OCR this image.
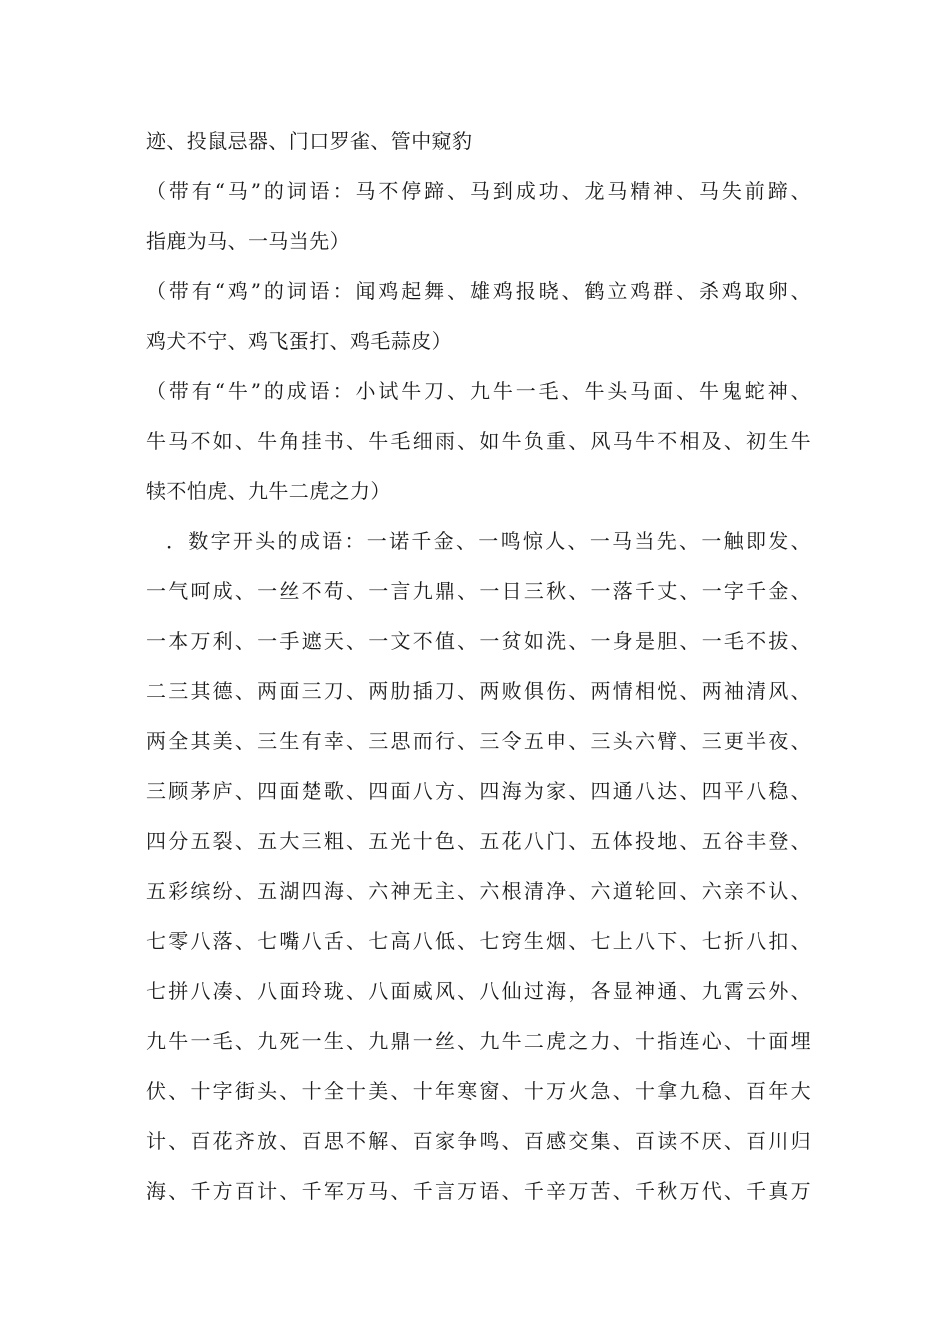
迹、投鼠忌器、门口罗雀、管中窥豹

（带有“马”的词语：马不停蹄、马到成功、龙马精神、马失前蹄、

指鹿为马、一马当先）

（带有“鸡”的词语：闻鸡起舞、雄鸡报晓、鹤立鸡群、杀鸡取卵、

鸡犬不宁、鸡飞蛋打、鸡毛蒜皮）

（带有“牛”的成语：小试牛刀、九牛一毛、牛头马面、牛鬼蛇神、

牛马不如、牛角挂书、牛毛细雨、如牛负重、风马牛不相及、初生牛

犊不怕虎、九牛二虎之力）

．数字开头的成语：一诺千金、一鸣惊人、一马当先、一触即发、

一气呵成、一丝不苟、一言九鼎、一日三秋、一落千丈、一字千金、

一本万利、一手遮天、一文不值、一贫如洗、一身是胆、一毛不拔、

二三其德、两面三刀、两肋插刀、两败俱伤、两情相悦、两袖清风、

两全其美、三生有幸、三思而行、三令五申、三头六臂、三更半夜、

三顾茅庐、四面楚歌、四面八方、四海为家、四通八达、四平八稳、

四分五裂、五大三粗、五光十色、五花八门、五体投地、五谷丰登、

五彩缤纷、五湖四海、六神无主、六根清净、六道轮回、六亲不认、

七零八落、七嘴八舌、七高八低、七窍生烟、七上八下、七折八扣、

七拼八凑、八面玲珑、八面威风、八仙过海，各显神通、九霄云外、

九牛一毛、九死一生、九鼎一丝、九牛二虎之力、十指连心、十面埋

伏、十字街头、十全十美、十年寒窗、十万火急、十拿九稳、百年大

计、百花齐放、百思不解、百家争鸣、百感交集、百读不厌、百川归

海、千方百计、千军万马、千言万语、千辛万苦、千秋万代、千真万
